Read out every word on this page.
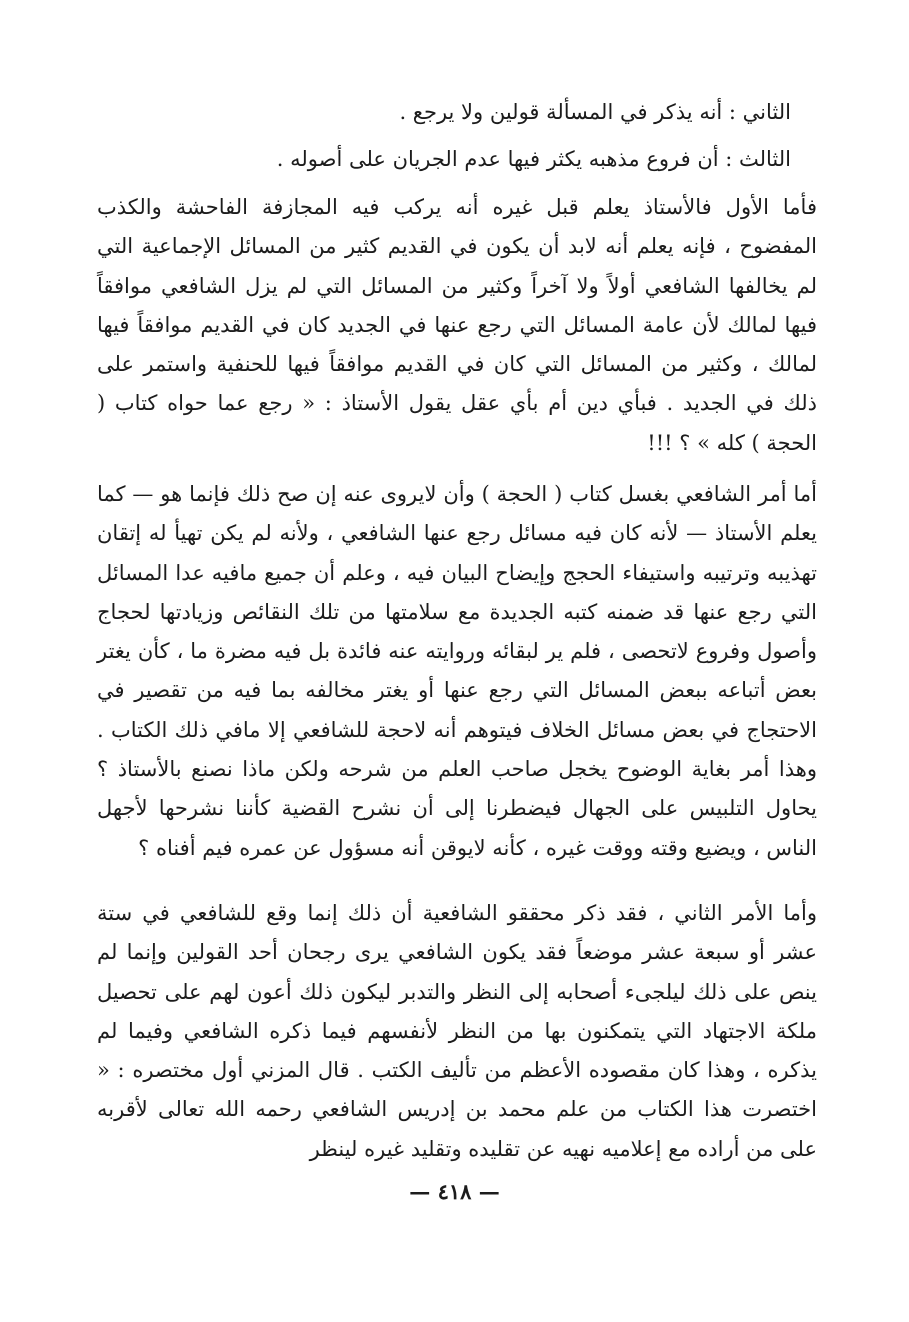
الثاني : أنه يذكر في المسألة قولين ولا يرجع .
الثالث : أن فروع مذهبه يكثر فيها عدم الجريان على أصوله .

فأما الأول فالأستاذ يعلم قبل غيره أنه يركب فيه المجازفة الفاحشة والكذب المفضوح ، فإنه يعلم أنه لابد أن يكون في القديم كثير من المسائل الإجماعية التي لم يخالفها الشافعي أولاً ولا آخراً وكثير من المسائل التي لم يزل الشافعي موافقاً فيها لمالك لأن عامة المسائل التي رجع عنها في الجديد كان في القديم موافقاً فيها لمالك ، وكثير من المسائل التي كان في القديم موافقاً فيها للحنفية واستمر على ذلك في الجديد . فبأي دين أم بأي عقل يقول الأستاذ : « رجع عما حواه كتاب ( الحجة ) كله » ؟ !!!

أما أمر الشافعي بغسل كتاب ( الحجة ) وأن لايروى عنه إن صح ذلك فإنما هو — كما يعلم الأستاذ — لأنه كان فيه مسائل رجع عنها الشافعي ، ولأنه لم يكن تهيأ له إتقان تهذيبه وترتيبه واستيفاء الحجج وإيضاح البيان فيه ، وعلم أن جميع مافيه عدا المسائل التي رجع عنها قد ضمنه كتبه الجديدة مع سلامتها من تلك النقائص وزيادتها لحجاج وأصول وفروع لاتحصى ، فلم ير لبقائه وروايته عنه فائدة بل فيه مضرة ما ، كأن يغتر بعض أتباعه ببعض المسائل التي رجع عنها أو يغتر مخالفه بما فيه من تقصير في الاحتجاج في بعض مسائل الخلاف فيتوهم أنه لاحجة للشافعي إلا مافي ذلك الكتاب . وهذا أمر بغاية الوضوح يخجل صاحب العلم من شرحه ولكن ماذا نصنع بالأستاذ ؟ يحاول التلبيس على الجهال فيضطرنا إلى أن نشرح القضية كأننا نشرحها لأجهل الناس ، ويضيع وقته ووقت غيره ، كأنه لايوقن أنه مسؤول عن عمره فيم أفناه ؟

وأما الأمر الثاني ، فقد ذكر محققو الشافعية أن ذلك إنما وقع للشافعي في ستة عشر أو سبعة عشر موضعاً فقد يكون الشافعي يرى رجحان أحد القولين وإنما لم ينص على ذلك ليلجىء أصحابه إلى النظر والتدبر ليكون ذلك أعون لهم على تحصيل ملكة الاجتهاد التي يتمكنون بها من النظر لأنفسهم فيما ذكره الشافعي وفيما لم يذكره ، وهذا كان مقصوده الأعظم من تأليف الكتب . قال المزني أول مختصره : « اختصرت هذا الكتاب من علم محمد بن إدريس الشافعي رحمه الله تعالى لأقربه على من أراده مع إعلاميه نهيه عن تقليده وتقليد غيره لينظر

— ٤١٨ —
